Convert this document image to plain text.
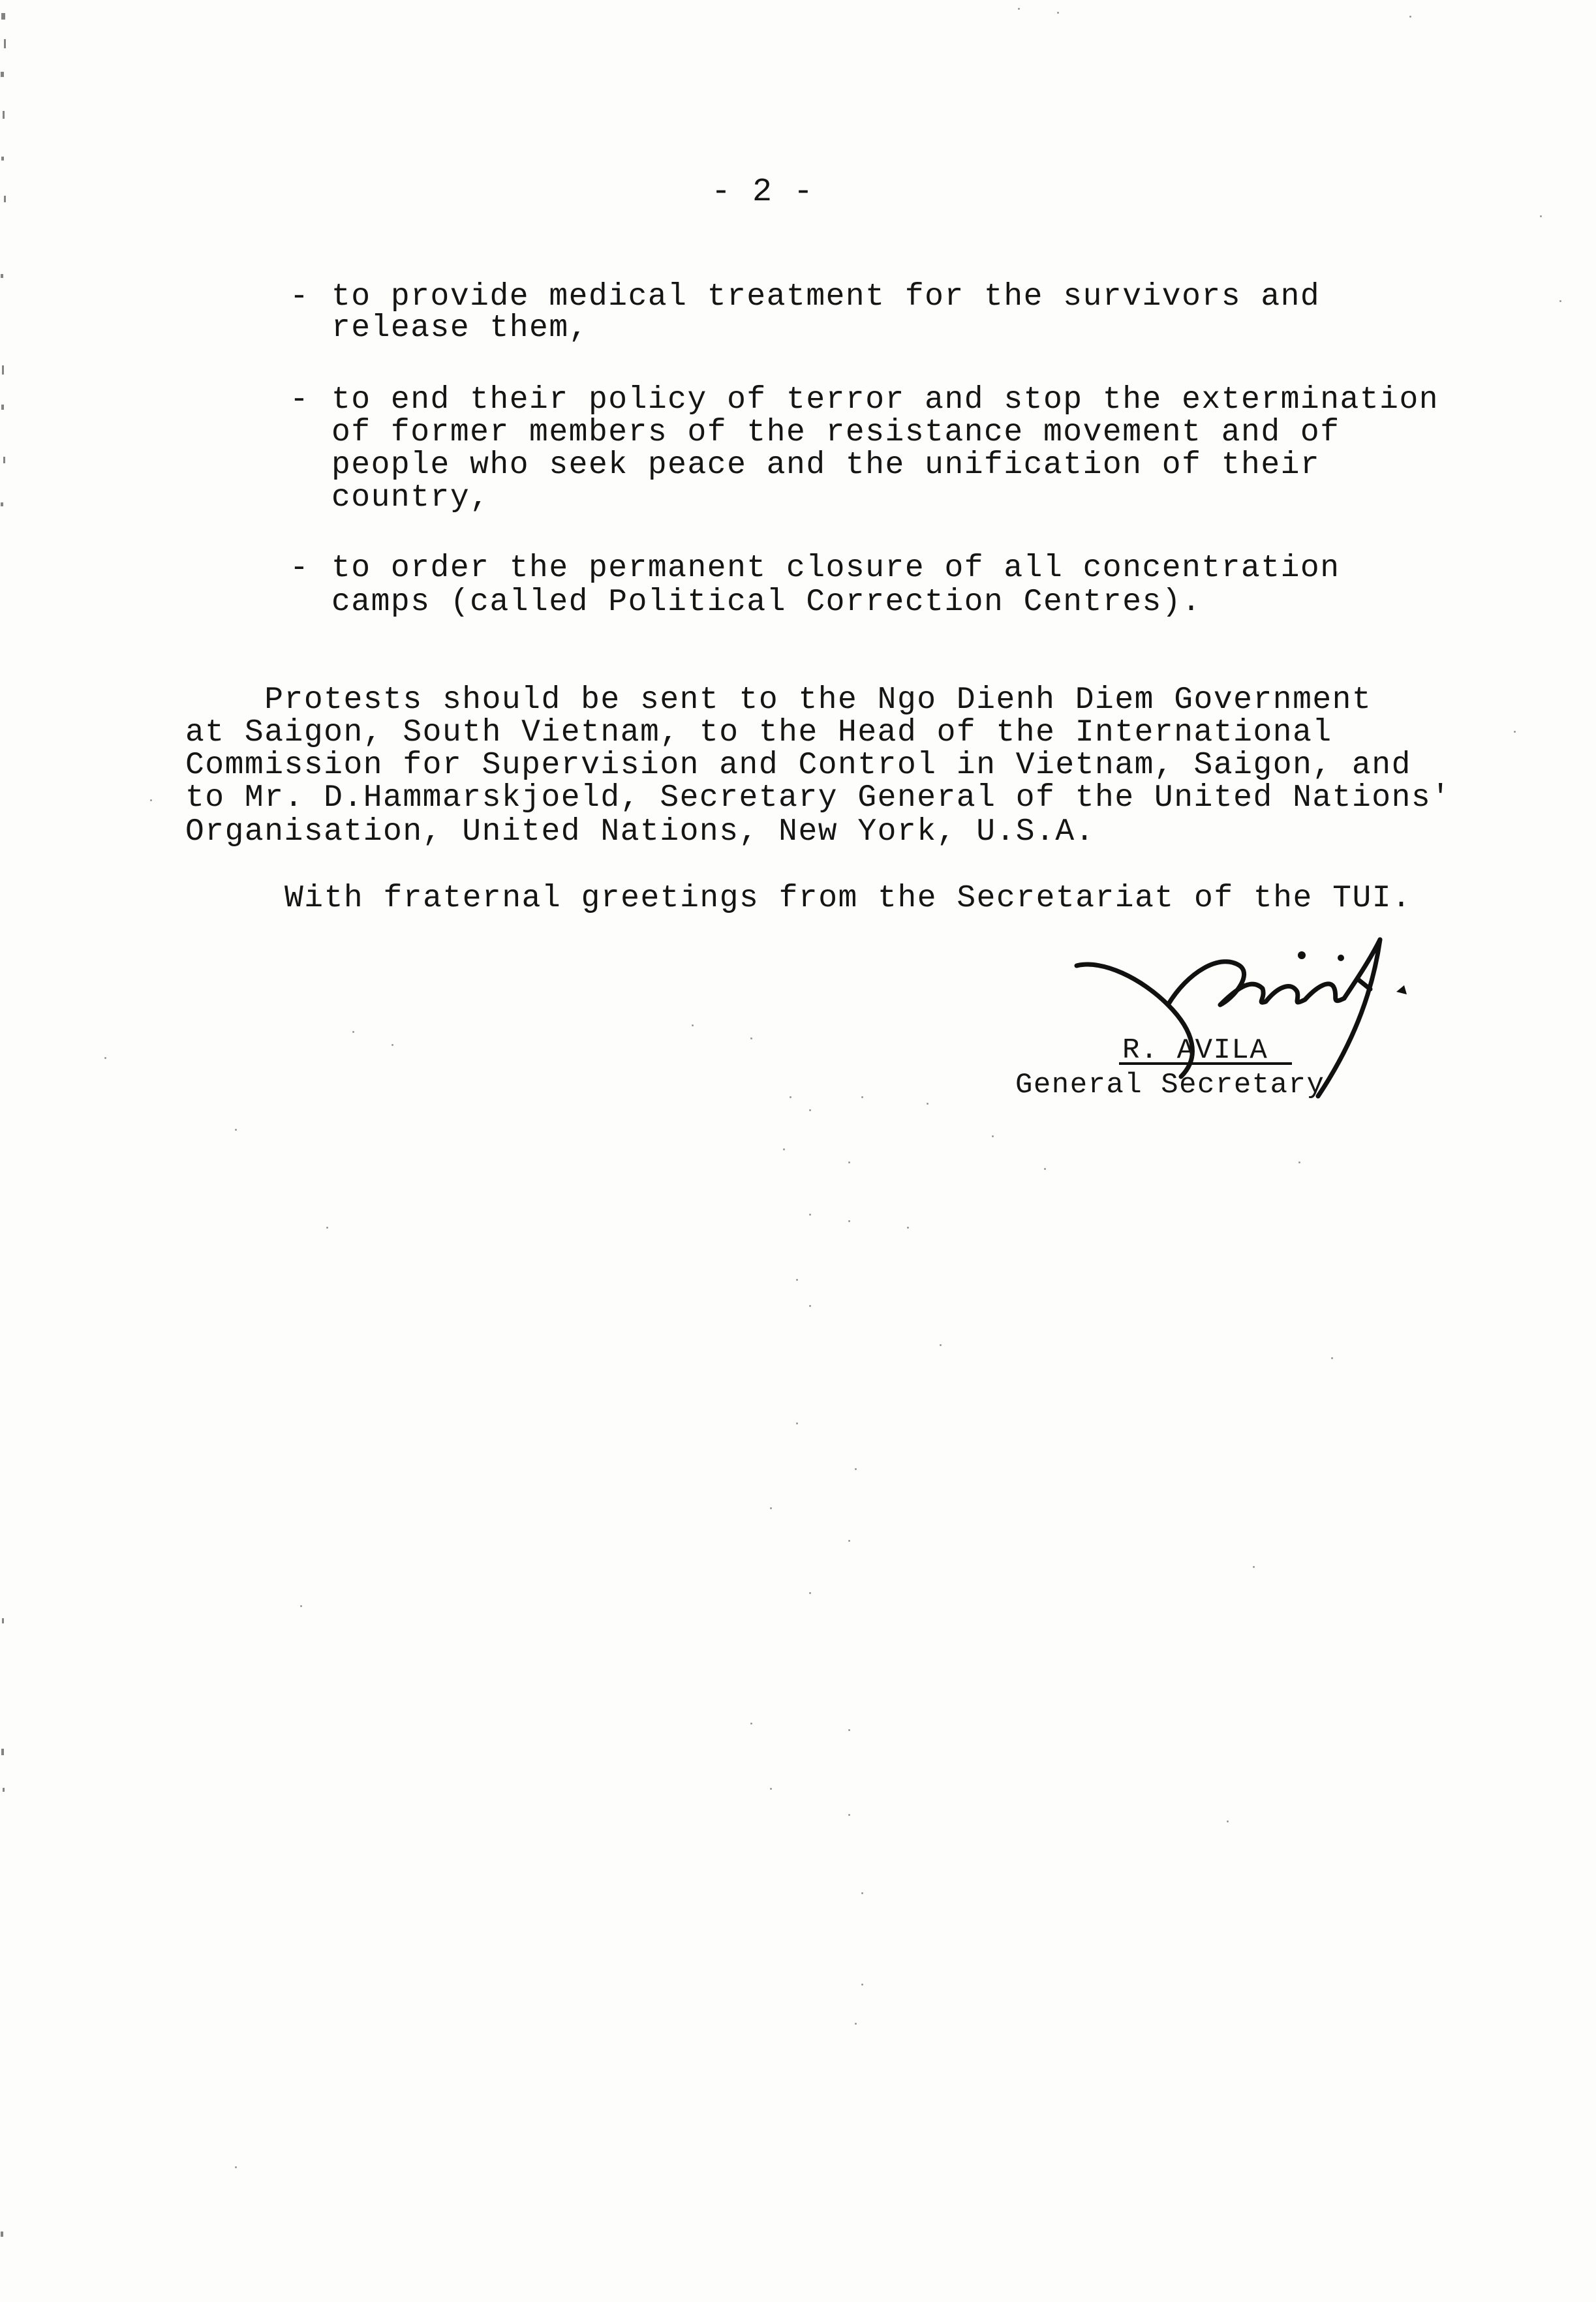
- 2 -
- to provide medical treatment for the survivors and
release them,
- to end their policy of terror and stop the extermination
of former members of the resistance movement and of
people who seek peace and the unification of their
country,
- to order the permanent closure of all concentration
camps (called Political Correction Centres).
Protests should be sent to the Ngo Dienh Diem Government
at Saigon, South Vietnam, to the Head of the International
Commission for Supervision and Control in Vietnam, Saigon, and
to Mr. D.Hammarskjoeld, Secretary General of the United Nations'
Organisation, United Nations, New York, U.S.A.
With fraternal greetings from the Secretariat of the TUI.
R. AVILA
General Secretary
